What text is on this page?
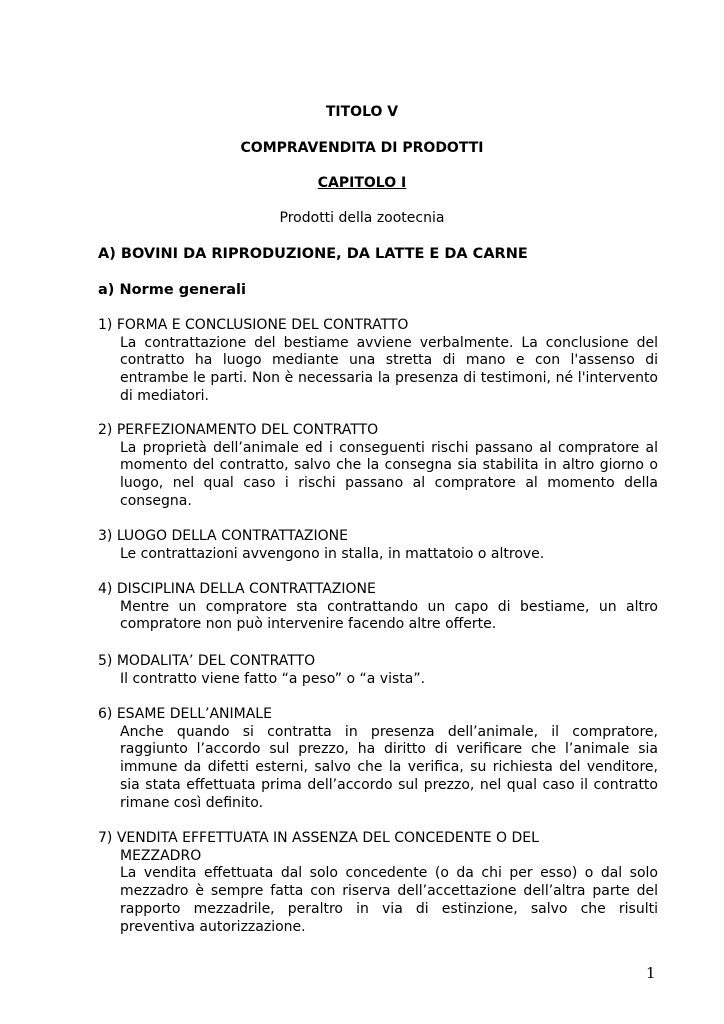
TITOLO V
COMPRAVENDITA DI PRODOTTI
CAPITOLO I
Prodotti della zootecnia
A) BOVINI DA RIPRODUZIONE, DA LATTE E DA CARNE
a) Norme generali
1) FORMA E CONCLUSIONE DEL CONTRATTO
La contrattazione del bestiame avviene verbalmente. La conclusione del contratto ha luogo mediante una stretta di mano e con l'assenso di entrambe le parti. Non è necessaria la presenza di testimoni, né l'intervento di mediatori.
2) PERFEZIONAMENTO DEL CONTRATTO
La proprietà dell’animale ed i conseguenti rischi passano al compratore al momento del contratto, salvo che la consegna sia stabilita in altro giorno o luogo, nel qual caso i rischi passano al compratore al momento della consegna.
3) LUOGO DELLA CONTRATTAZIONE
Le contrattazioni avvengono in stalla, in mattatoio o altrove.
4) DISCIPLINA DELLA CONTRATTAZIONE
Mentre un compratore sta contrattando un capo di bestiame, un altro compratore non può intervenire facendo altre offerte.
5) MODALITA’ DEL CONTRATTO
Il contratto viene fatto “a peso” o “a vista”.
6) ESAME DELL’ANIMALE
Anche quando si contratta in presenza dell’animale, il compratore, raggiunto l’accordo sul prezzo, ha diritto di verificare che l’animale sia immune da difetti esterni, salvo che la verifica, su richiesta del venditore, sia stata effettuata prima dell’accordo sul prezzo, nel qual caso il contratto rimane così definito.
7) VENDITA EFFETTUATA IN ASSENZA DEL CONCEDENTE O DEL
MEZZADRO
La vendita effettuata dal solo concedente (o da chi per esso) o dal solo mezzadro è sempre fatta con riserva dell’accettazione dell’altra parte del rapporto mezzadrile, peraltro in via di estinzione, salvo che risulti preventiva autorizzazione.
1
